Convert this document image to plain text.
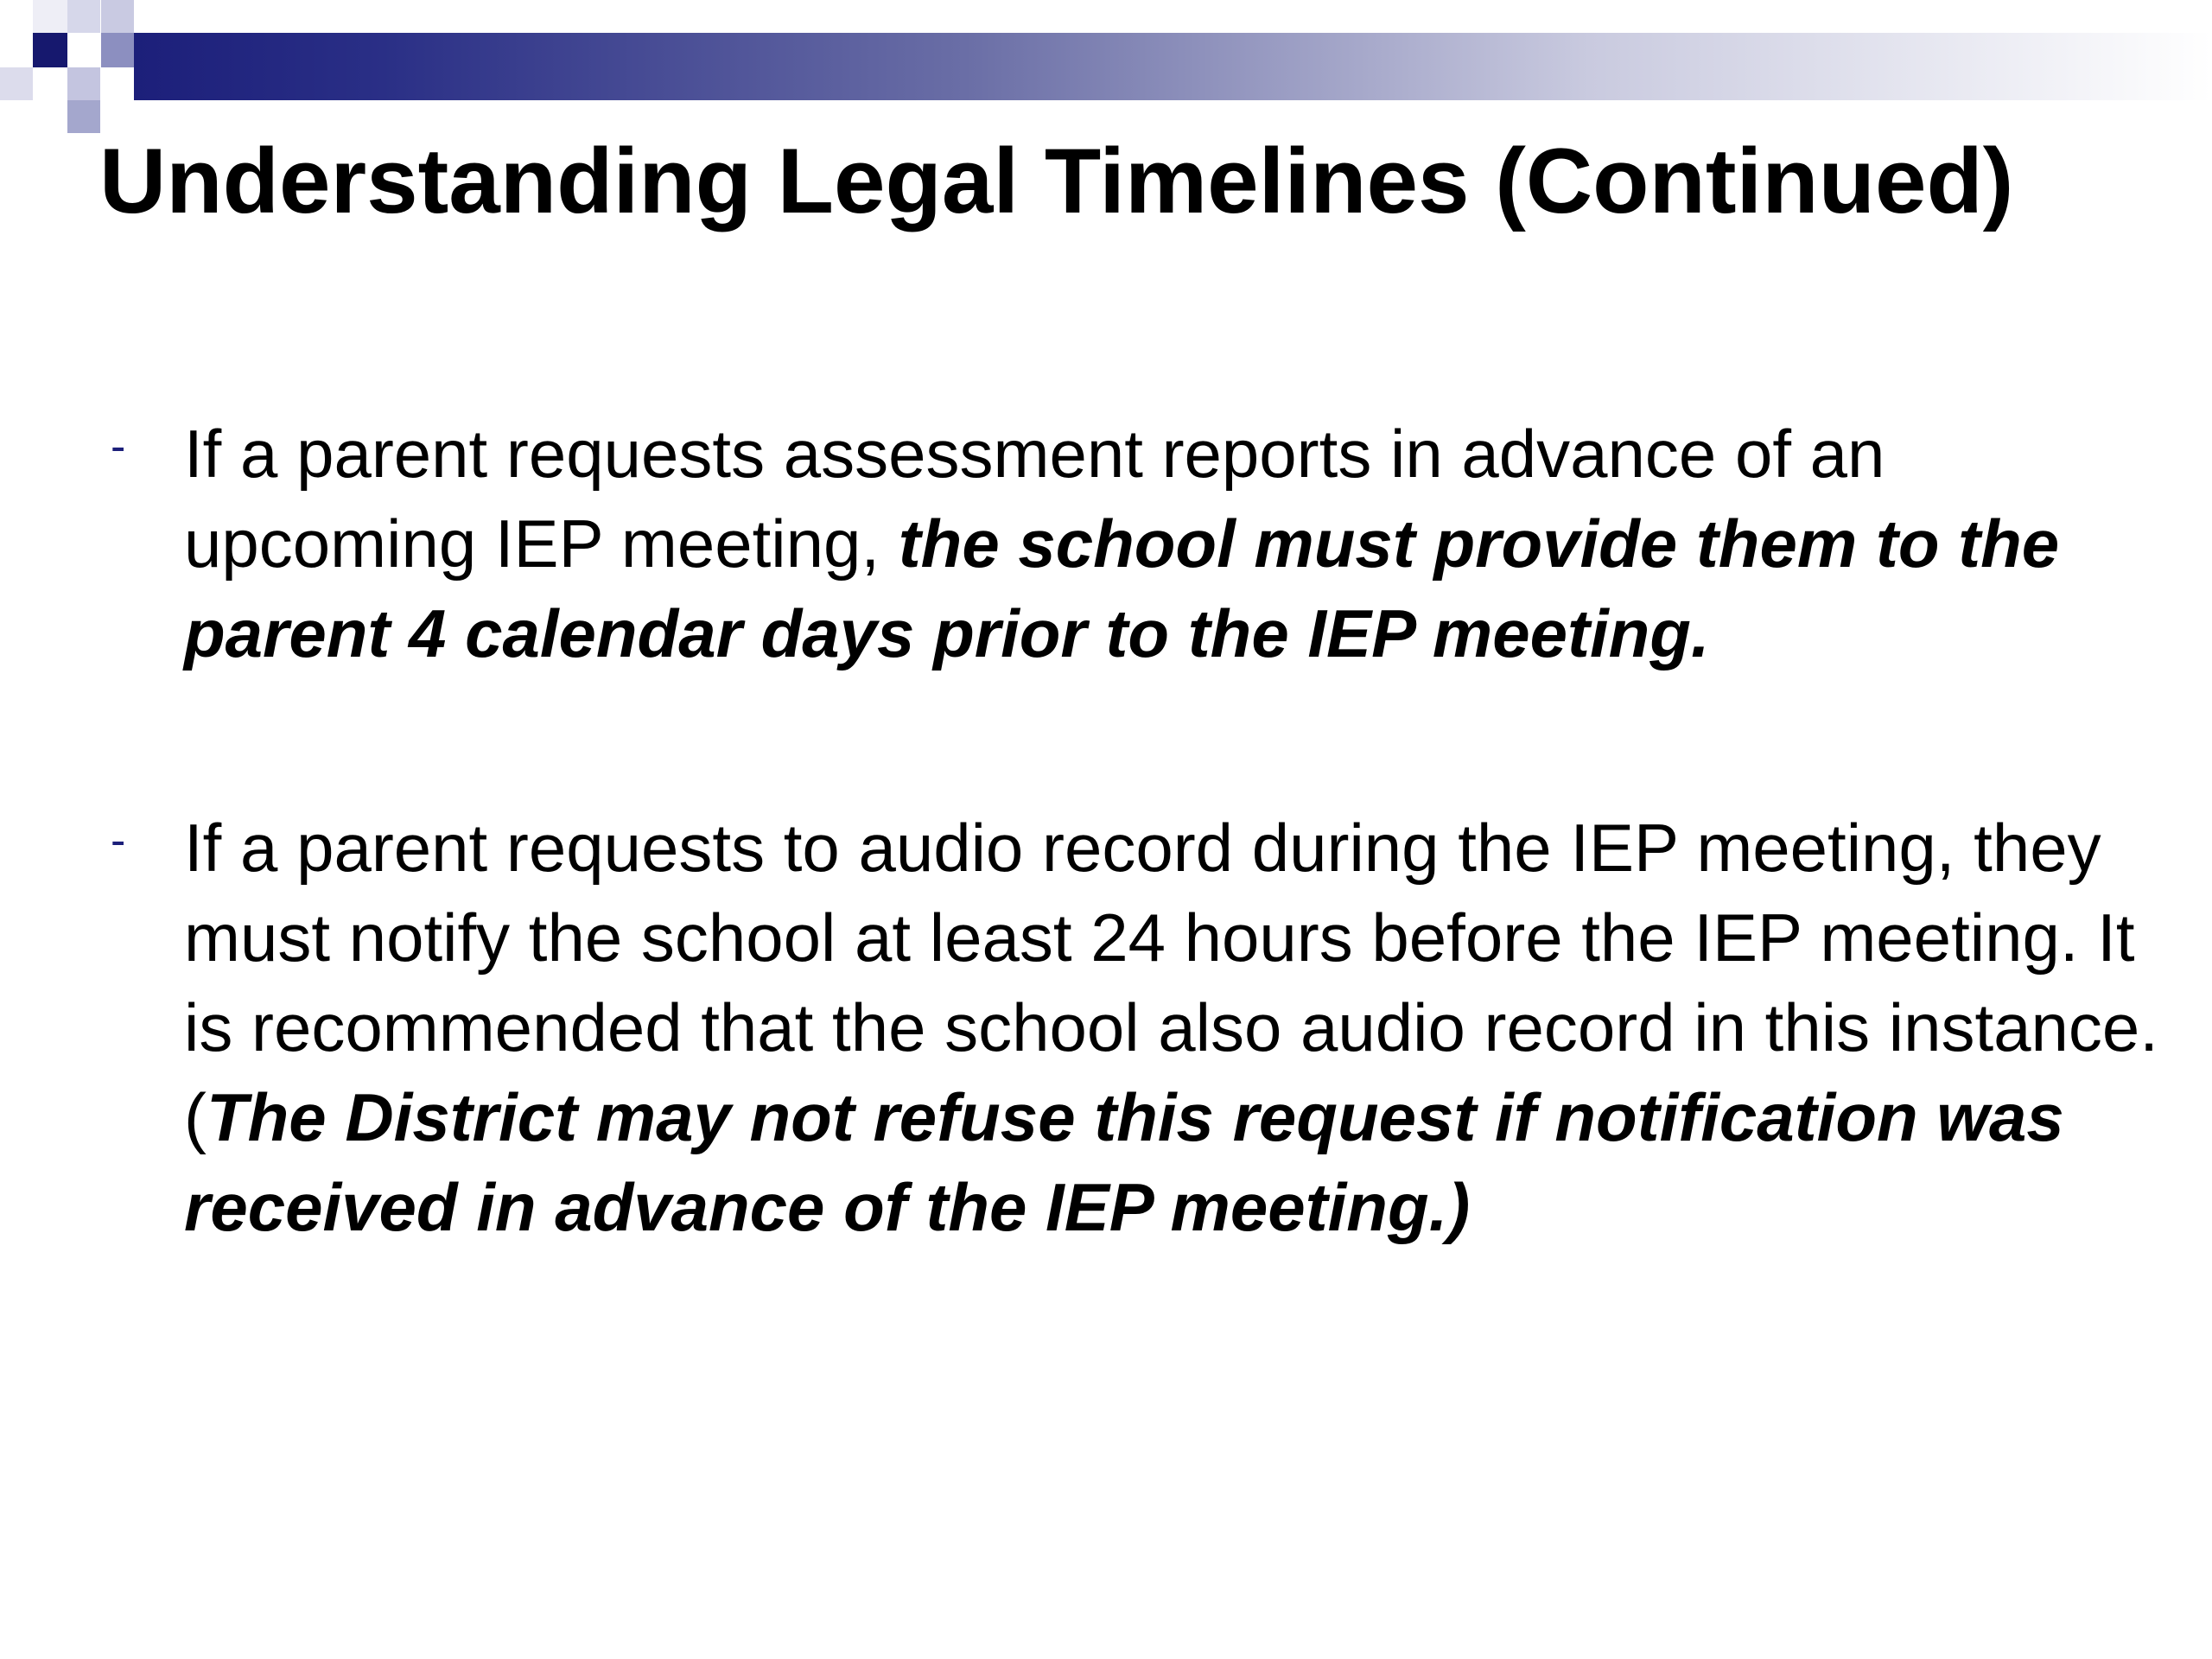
Understanding Legal Timelines (Continued)
- If a parent requests assessment reports in advance of an upcoming IEP meeting, the school must provide them to the parent 4 calendar days prior to the IEP meeting.
- If a parent requests to audio record during the IEP meeting, they must notify the school at least 24 hours before the IEP meeting. It is recommended that the school also audio record in this instance. (The District may not refuse this request if notification was received in advance of the IEP meeting.)
